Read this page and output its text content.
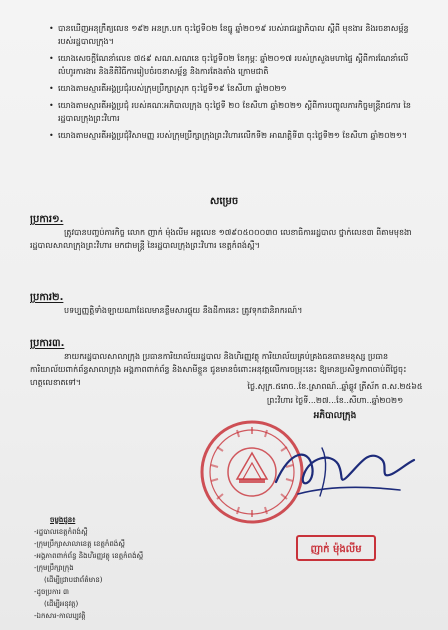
• បានឃើញអនុក្រឹត្យលេខ ១៩២ អនក្រ.បក ចុះថ្ងៃទី០២ ខែធ្នូ ឆ្នាំ២០១៩ របស់រាជរដ្ឋាភិបាល ស្តីពី មុខងារ និងរចនាសម្ព័ន្ធរបស់រដ្ឋបាលក្រុង។
• យោងសេចក្តីណែនាំលេខ ៧៥៩ សណ.សណនេ ចុះថ្ងៃទី០២ ខែកុម្ភៈ ឆ្នាំ២០១៧ របស់ក្រសួងមហាផ្ទៃ ស្តីពីការណែនាំលើលំហូរការងារ និងនីតិវិធីការរៀបចំរចនាសម្ព័ន្ធ និងការតែងតាំង ក្រោមជាតិ
• យោងតាមស្មារតីអង្គប្រជុំរបស់ក្រុមប្រឹក្សាស្រុក ចុះថ្ងៃទី១៩ ខែសីហា ឆ្នាំ២០២១
• យោងតាមស្មារតីអង្គប្រជុំ របស់គណៈអភិបាលក្រុង ចុះថ្ងៃទី ២០ ខែសីហា ឆ្នាំ២០២១ ស្តីពីការបញ្ចូលភារកិច្ចមន្ត្រីរាជការ នៃរដ្ឋបាលក្រុងព្រះវិហារ
• យោងតាមស្មារតីអង្គប្រជុំវិសាមញ្ញ របស់ក្រុមប្រឹក្សាក្រុងព្រះវិហារលើកទី២ អាណត្តិទី៣ ចុះថ្ងៃទី២១ ខែសីហា ឆ្នាំ២០២១។
សម្រេច
ប្រការ១.
ត្រូវបានបញ្ចប់ភារកិច្ច លោក ញាក់ ម៉ុងលីម អត្តលេខ ១៧៩០៥០០០៣០ លេខាធិការរដ្ឋបាល ថ្នាក់លេខ៣ ពីតាមមុខងារដ្ឋបាលសាលាក្រុងព្រះវិហារ មកជាមន្ត្រី នៃរដ្ឋបាលក្រុងព្រះវិហារ ខេត្តកំពង់ស្ពឺ។
ប្រការ២.
បទប្បញ្ញត្តិទាំងឡាយណាដែលមានខ្លឹមសារផ្ទុយ នឹងដីការនេះ ត្រូវទុកជានិរាករណ៍។
ប្រការ៣.
នាយករដ្ឋបាលសាលាក្រុង ប្រធានការិយាល័យរដ្ឋបាល និងហិរញ្ញវត្ថុ ការិយាល័យគ្រប់គ្រងធនធានមនុស្ស ប្រធានការិយាល័យពាក់ព័ន្ធសាលាក្រុង អង្គភាពពាក់ព័ន្ធ និងសាមីខ្លួន ជូនមានចំពោះអនុវត្តលើការចម្រុះនេះ ឱ្យមានប្រសិទ្ធភាពចាប់ពីថ្ងៃចុះហត្ថលេខាតទៅ។	ថ្ងៃ.សុក្រ.៥រោច..ខែ.ស្រាពណ៍..ឆ្នាំឆ្លូវ ត្រីស័ក ព.ស.២៥៦៥
ព្រះវិហារ ថ្ងៃទី...២៧...ខែ..សីហា..ឆ្នាំ២០២១
អភិបាលក្រុង
ញាក់ ម៉ុងលីម
ចម្លងជូន៖
-រដ្ឋបាលខេត្តកំពង់ស្ពឺ
-ក្រុមប្រឹក្សាសាលាខេត្ត ខេត្តកំពង់ស្ពឺ
-អង្គភាពពាក់ព័ន្ធ និងហិរញ្ញវត្ថុ ខេត្តកំពង់ស្ពឺ
-ក្រុមប្រឹក្សាក្រុង
(ដើម្បីជ្រាបជាព័ត៌មាន)
-ដូចប្រការ ៣
(ដើម្បីអនុវត្ត)
-ឯកសារ-កាលប្បវត្តិ
